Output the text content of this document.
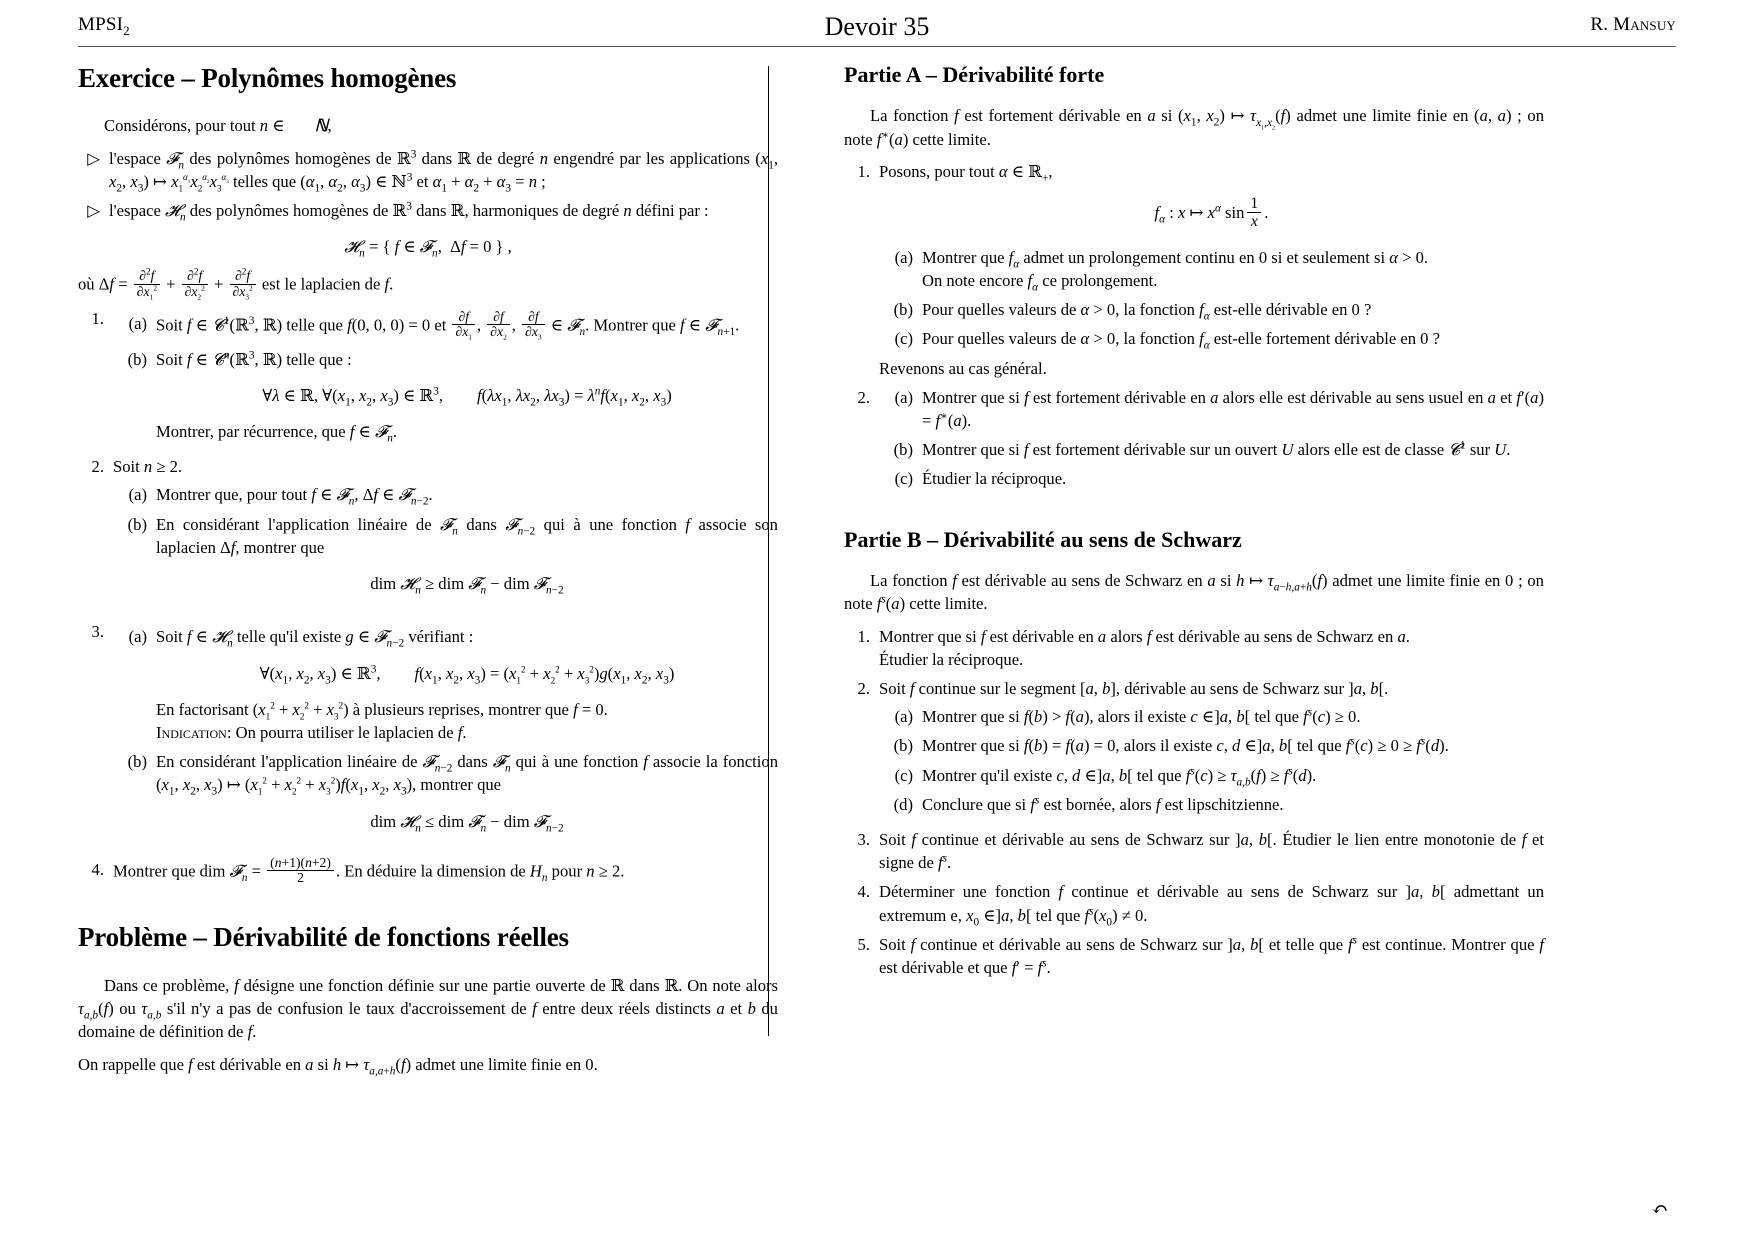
$MPSI_2$	Devoir 35	R. Mansuy
Exercice – Polynômes homogènes

Considérons, pour tout n ∈ ℕ,

▷ l'espace 𝓕$_n$ des polynômes homogènes de ℝ$^3$ dans ℝ de degré n engendré par les applications ($x_1$, $x_2$, $x_3$) ↦ $x_1^{\alpha_1}x_2^{\alpha_2}x_3^{\alpha_3}$ telles que ($\alpha_1$, $\alpha_2$, $\alpha_3$) ∈ ℕ$^3$ et $\alpha_1 + \alpha_2 + \alpha_3 = n$ ;
▷ l'espace 𝓗$_n$ des polynômes homogènes de ℝ$^3$ dans ℝ, harmoniques de degré n défini par :
𝓗$_n$ = { f ∈ 𝓕$_n$,  Δf = 0 } ,

où $\Delta f = \frac{\partial^2f}{\partial x_1^2} + \frac{\partial^2f}{\partial x_2^2} + \frac{\partial^2f}{\partial x_3^2}$ est le laplacien de f.

1.	(a) Soit f ∈ 𝓒$^1$(ℝ$^3$, ℝ) telle que f(0, 0, 0) = 0 et $\frac{\partial f}{\partial x_1}$ , $\frac{\partial f}{\partial x_2}$ , $\frac{\partial f}{\partial x_3}$ ∈ 𝓕$_n$. Montrer que f ∈ 𝓕$_{n+1}$.
(b) Soit f ∈ 𝓒$^n$(ℝ$^3$, ℝ) telle que :
∀λ ∈ ℝ, $\forall(x_1$, $x_2$, $x_3$) ∈ ℝ$^3$, $f(\lambda x_1$, $\lambda x_2$, $\lambda x_3) = \lambda^nf(x_1$, $x_2$, $x_3$)
Montrer, par récurrence, que f ∈ 𝓕$_n$.
2. Soit n ≥ 2.
(a) Montrer que, pour tout f ∈ 𝓕$_n$, Δf ∈ 𝓕$_{n-2}$.
(b) En considérant l'application linéaire de 𝓕$_n$ dans 𝓕$_{n-2}$ qui à une fonction f associe son laplacien Δf, montrer que
dim 𝓗$_n$ ≥ dim 𝓕$_n$ − dim 𝓕$_{n-2}$
3.	(a) Soit f ∈ 𝓗$_n$ telle qu'il existe g ∈ 𝓕$_{n-2}$ vérifiant :
$\forall(x_1$, $x_2$, $x_3$) ∈ ℝ$^3$, $f(x_1$, $x_2$, $x_3) = (x_1^2 + x_2^2 + x_3^2)g(x_1$, $x_2$, $x_3$)
En factorisant $(x_1^2 + x_2^2 + x_3^2)$ à plusieurs reprises, montrer que f = 0.
Indication: On pourra utiliser le laplacien de f.
(b) En considérant l'application linéaire de 𝓕$_{n-2}$ dans 𝓕$_n$ qui à une fonction f associe la fonction ($x_1$, $x_2$, $x_3$) ↦ $(x_1^2 + x_2^2 + x_3^2)f(x_1$, $x_2$, $x_3$), montrer que
dim 𝓗$_n$ ≤ dim 𝓕$_n$ − dim 𝓕$_{n-2}$
4. Montrer que dim 𝓕$_n$ = $\frac{(n+1)(n+2)}{2}$ . En déduire la dimension de $H_n$ pour n ≥ 2.
Problème – Dérivabilité de fonctions réelles

Dans ce problème, f désigne une fonction définie sur une partie ouverte de ℝ dans ℝ. On note alors $\tau_{a,b}(f)$ ou $\tau_{a,b}$ s'il n'y a pas de confusion le taux d'accroissement de f entre deux réels distincts a et b du domaine de définition de f.

On rappelle que f est dérivable en a si h ↦ $\tau_{a,a+h}(f)$ admet une limite finie en 0.

Partie A – Dérivabilité forte

La fonction f est fortement dérivable en a si ($x_1$, $x_2$) ↦ $\tau_{x_1,x_2}(f)$ admet une limite finie en (a, a) ; on note f∗(a) cette limite.

1. Posons, pour tout α ∈ ℝ$_+$,
$f_\alpha$ : x ↦ $x^\alpha$ $\sin \frac{1}{x}$ .
(a) Montrer que $f_\alpha$ admet un prolongement continu en 0 si et seulement si α > 0.
On note encore $f_\alpha$ ce prolongement.
(b) Pour quelles valeurs de α > 0, la fonction $f_\alpha$ est-elle dérivable en 0 ?
(c) Pour quelles valeurs de α > 0, la fonction $f_\alpha$ est-elle fortement dérivable en 0 ?
Revenons au cas général.
2.	(a) Montrer que si f est fortement dérivable en a alors elle est dérivable au sens usuel en a et f′(a) = f∗(a).
(b) Montrer que si f est fortement dérivable sur un ouvert U alors elle est de classe 𝓒$^1$ sur U.
(c) Étudier la réciproque.
Partie B – Dérivabilité au sens de Schwarz

La fonction f est dérivable au sens de Schwarz en a si h ↦ $\tau_{a-h,a+h}(f)$ admet une limite finie en 0 ; on note $f^s(a)$ cette limite.

1. Montrer que si f est dérivable en a alors f est dérivable au sens de Schwarz en a.
Étudier la réciproque.
2. Soit f continue sur le segment [a, b], dérivable au sens de Schwarz sur ]a, b[.
(a) Montrer que si f(b) > f(a), alors il existe c ∈]a, b[ tel que $f^s(c) \ge 0$.
(b) Montrer que si f(b) = f(a) = 0, alors il existe c, d ∈]a, b[ tel que $f^s(c) \ge 0 \ge f^s(d)$.
(c) Montrer qu'il existe c, d ∈]a, b[ tel que $f^s(c) \ge \tau_{a,b}(f) \ge f^s(d)$.
(d) Conclure que si $f^s$ est bornée, alors f est lipschitzienne.
3. Soit f continue et dérivable au sens de Schwarz sur ]a, b[. Étudier le lien entre monotonie de f et signe de $f^s$.
4. Déterminer une fonction f continue et dérivable au sens de Schwarz sur ]a, b[ admettant un extremum e, $x_0$ ∈]a, b[ tel que $f^s(x_0) \ne 0$.
5. Soit f continue et dérivable au sens de Schwarz sur ]a, b[ et telle que $f^s$ est continue. Montrer que f est dérivable et que $f' = f^s$.
↶
